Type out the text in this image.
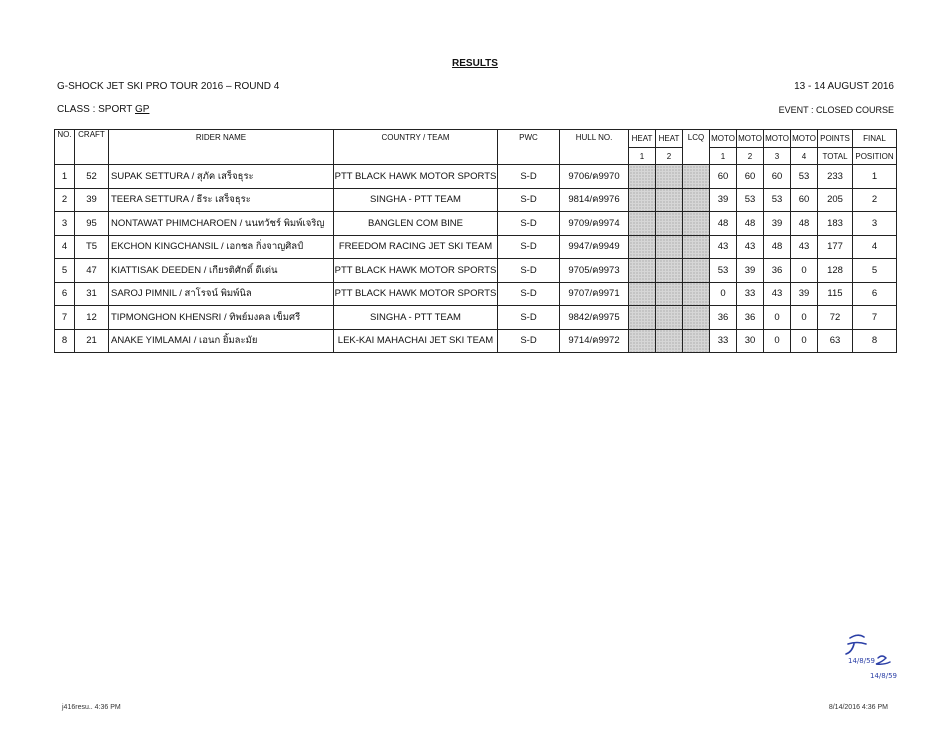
RESULTS
G-SHOCK JET SKI PRO TOUR 2016 – ROUND 4	13 - 14 AUGUST 2016
CLASS : SPORT GP	EVENT : CLOSED COURSE
NO.	CRAFT	RIDER NAME	COUNTRY / TEAM	PWC	HULL NO.	HEAT	HEAT	LCQ	MOTO	MOTO	MOTO	MOTO	POINTS	FINAL
						1	2		1	2	3	4	TOTAL	POSITION
1	52	SUPAK SETTURA / สุภัค เสร็จธุระ	PTT BLACK HAWK MOTOR SPORTS	S-D	9706/ค9970				60	60	60	53	233	1
2	39	TEERA SETTURA / ธีระ เสร็จธุระ	SINGHA - PTT TEAM	S-D	9814/ค9976				39	53	53	60	205	2
3	95	NONTAWAT PHIMCHAROEN / นนทวัชร์ พิมพ์เจริญ	BANGLEN COM BINE	S-D	9709/ค9974				48	48	39	48	183	3
4	T5	EKCHON KINGCHANSIL / เอกชล กิ่งจาญศิลป์	FREEDOM RACING JET SKI TEAM	S-D	9947/ค9949				43	43	48	43	177	4
5	47	KIATTISAK DEEDEN / เกียรติศักดิ์ ดีเด่น	PTT BLACK HAWK MOTOR SPORTS	S-D	9705/ค9973				53	39	36	0	128	5
6	31	SAROJ PIMNIL / สาโรจน์ พิมพ์นิล	PTT BLACK HAWK MOTOR SPORTS	S-D	9707/ค9971				0	33	43	39	115	6
7	12	TIPMONGHON KHENSRI / ทิพย์มงคล เข็มศรี	SINGHA - PTT TEAM	S-D	9842/ค9975				36	36	0	0	72	7
8	21	ANAKE YIMLAMAI / เอนก ยิ้มละมัย	LEK-KAI MAHACHAI JET SKI TEAM	S-D	9714/ค9972				33	30	0	0	63	8
14/8/59
14/8/59
j416resu.. 4:36 PM	8/14/2016 4:36 PM
